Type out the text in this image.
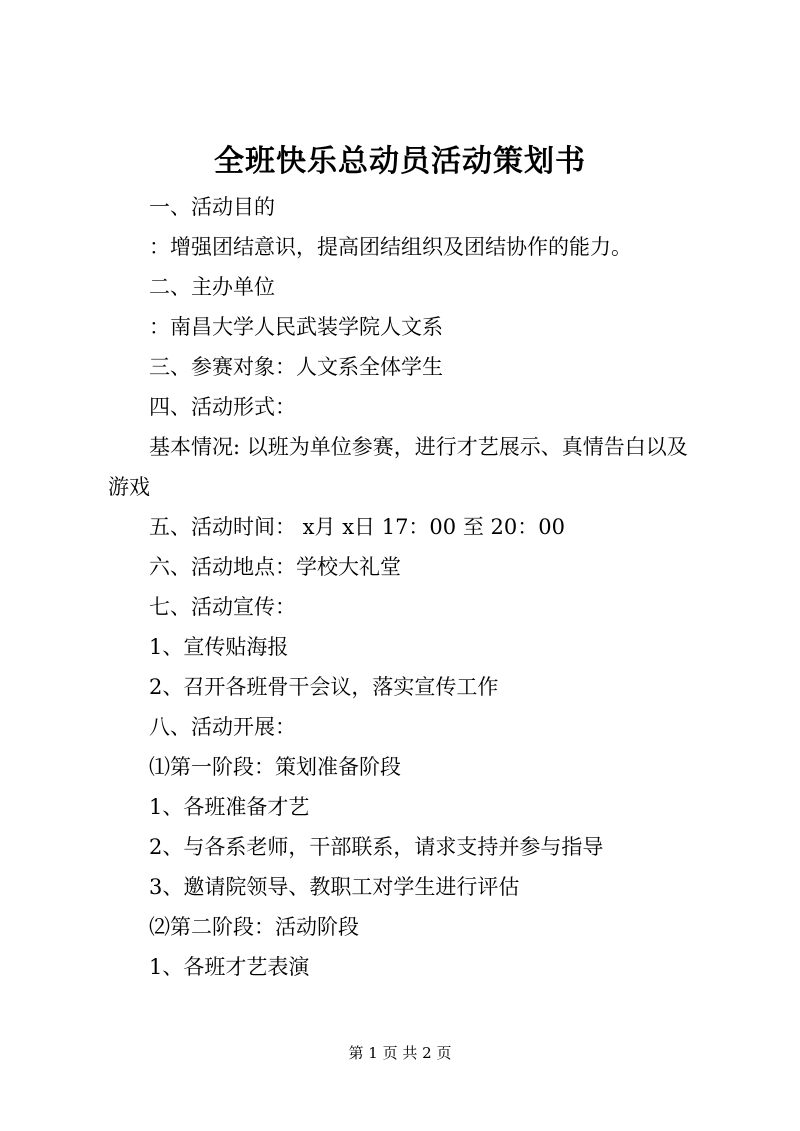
全班快乐总动员活动策划书
一、活动目的
：增强团结意识，提高团结组织及团结协作的能力。
二、主办单位
：南昌大学人民武装学院人文系
三、参赛对象：人文系全体学生
四、活动形式：
基本情况: 以班为单位参赛，进行才艺展示、真情告白以及
游戏
五、活动时间： x月 x日 17：00 至 20：00
六、活动地点：学校大礼堂
七、活动宣传：
1、宣传贴海报
2、召开各班骨干会议，落实宣传工作
八、活动开展：
⑴第一阶段：策划准备阶段
1、各班准备才艺
2、与各系老师，干部联系，请求支持并参与指导
3、邀请院领导、教职工对学生进行评估
⑵第二阶段：活动阶段
1、各班才艺表演
第 1 页 共 2 页
